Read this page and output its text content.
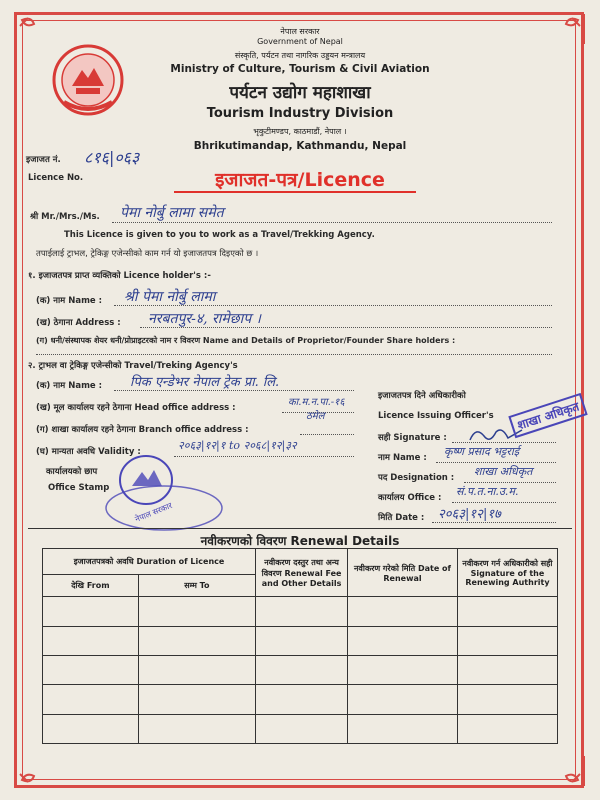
नेपाल सरकार
Government of Nepal
संस्कृति, पर्यटन तथा नागरिक उड्डयन मन्त्रालय
Ministry of Culture, Tourism & Civil Aviation
पर्यटन उद्योग महाशाखा
Tourism Industry Division
भृकुटीमण्डप, काठमाडौं, नेपाल ।
Bhrikutimandap, Kathmandu, Nepal
इजाजत नं. ८१६|०६३
Licence No.	इजाजत-पत्र/Licence
श्री Mr./Mrs./Ms. पेमा नोर्बु लामा समेत
This Licence is given to you to work as a Travel/Trekking Agency.
तपाईलाई ट्राभल, ट्रेकिङ्ग एजेन्सीको काम गर्न यो इजाजतपत्र दिइएको छ ।
१. इजाजतपत्र प्राप्त व्यक्तिको Licence holder's :-
(क) नाम Name : श्री पेमा नोर्बु लामा
(ख) ठेगाना Address : नरबतपुर-४, रामेछाप ।
(ग) धनी/संस्थापक शेयर धनी/प्रोप्राइटरको नाम र विवरण Name and Details of Proprietor/Founder Share holders :
२. ट्राभल वा ट्रेकिङ्ग एजेन्सीको Travel/Treking Agency's
(क) नाम Name : पिक एन्डेभर नेपाल ट्रेक प्रा. लि.
(ख) मूल कार्यालय रहने ठेगाना Head office address :	का.म.न.पा.-१६
ठमेल
(ग) शाखा कार्यालय रहने ठेगाना Branch office address :
(घ) मान्यता अवधि Validity :	२०६३|१२|१ to २०६८|१२|३२
कार्यालयको छाप
Office Stamp
नेपाल सरकार
इजाजतपत्र दिने अधिकारीको
Licence Issuing Officer's
सही Signature :
शाखा अधिकृत
नाम Name : कृष्ण प्रसाद भट्टराई
पद Designation : शाखा अधिकृत
कार्यालय Office : सं.प.त.ना.उ.म.
मिति Date : २०६३|१२|१७
नवीकरणको विवरण Renewal Details
इजाजतपत्रको अवधि Duration of Licence		नवीकरण दस्तुर तथा अन्य विवरण Renewal Fee and Other Details	नवीकरण गरेको मिति Date of Renewal	नवीकरण गर्न अधिकारीको सही Signature of the Renewing Authrity
देखि From	सम्म To			
